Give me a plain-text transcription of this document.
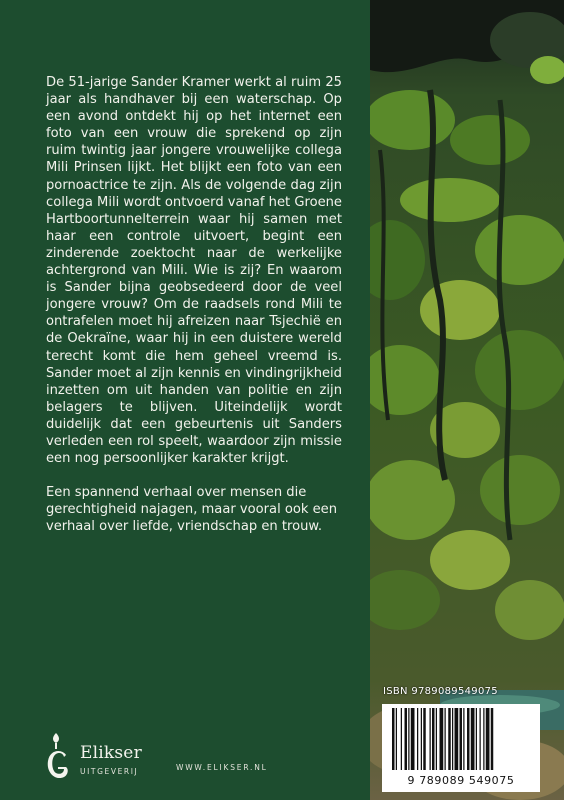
De 51-jarige Sander Kramer werkt al ruim 25 jaar als handhaver bij een waterschap. Op een avond ontdekt hij op het internet een foto van een vrouw die sprekend op zijn ruim twintig jaar jongere vrouwelijke collega Mili Prinsen lijkt. Het blijkt een foto van een pornoactrice te zijn. Als de volgende dag zijn collega Mili wordt ontvoerd vanaf het Groene Hartboortunnelterrein waar hij samen met haar een controle uitvoert, begint een zinderende zoektocht naar de werkelijke achtergrond van Mili. Wie is zij? En waarom is Sander bijna geobsedeerd door de veel jongere vrouw? Om de raadsels rond Mili te ontrafelen moet hij afreizen naar Tsjechië en de Oekraïne, waar hij in een duistere wereld terecht komt die hem geheel vreemd is. Sander moet al zijn kennis en vindingrijkheid inzetten om uit handen van politie en zijn belagers te blijven. Uiteindelijk wordt duidelijk dat een gebeurtenis uit Sanders verleden een rol speelt, waardoor zijn missie een nog persoonlijker karakter krijgt.

Een spannend verhaal over mensen die gerechtigheid najagen, maar vooral ook een verhaal over liefde, vriendschap en trouw.

Elikser
UITGEVERIJ	WWW.ELIKSER.NL
ISBN 9789089549075
9 789089 549075
